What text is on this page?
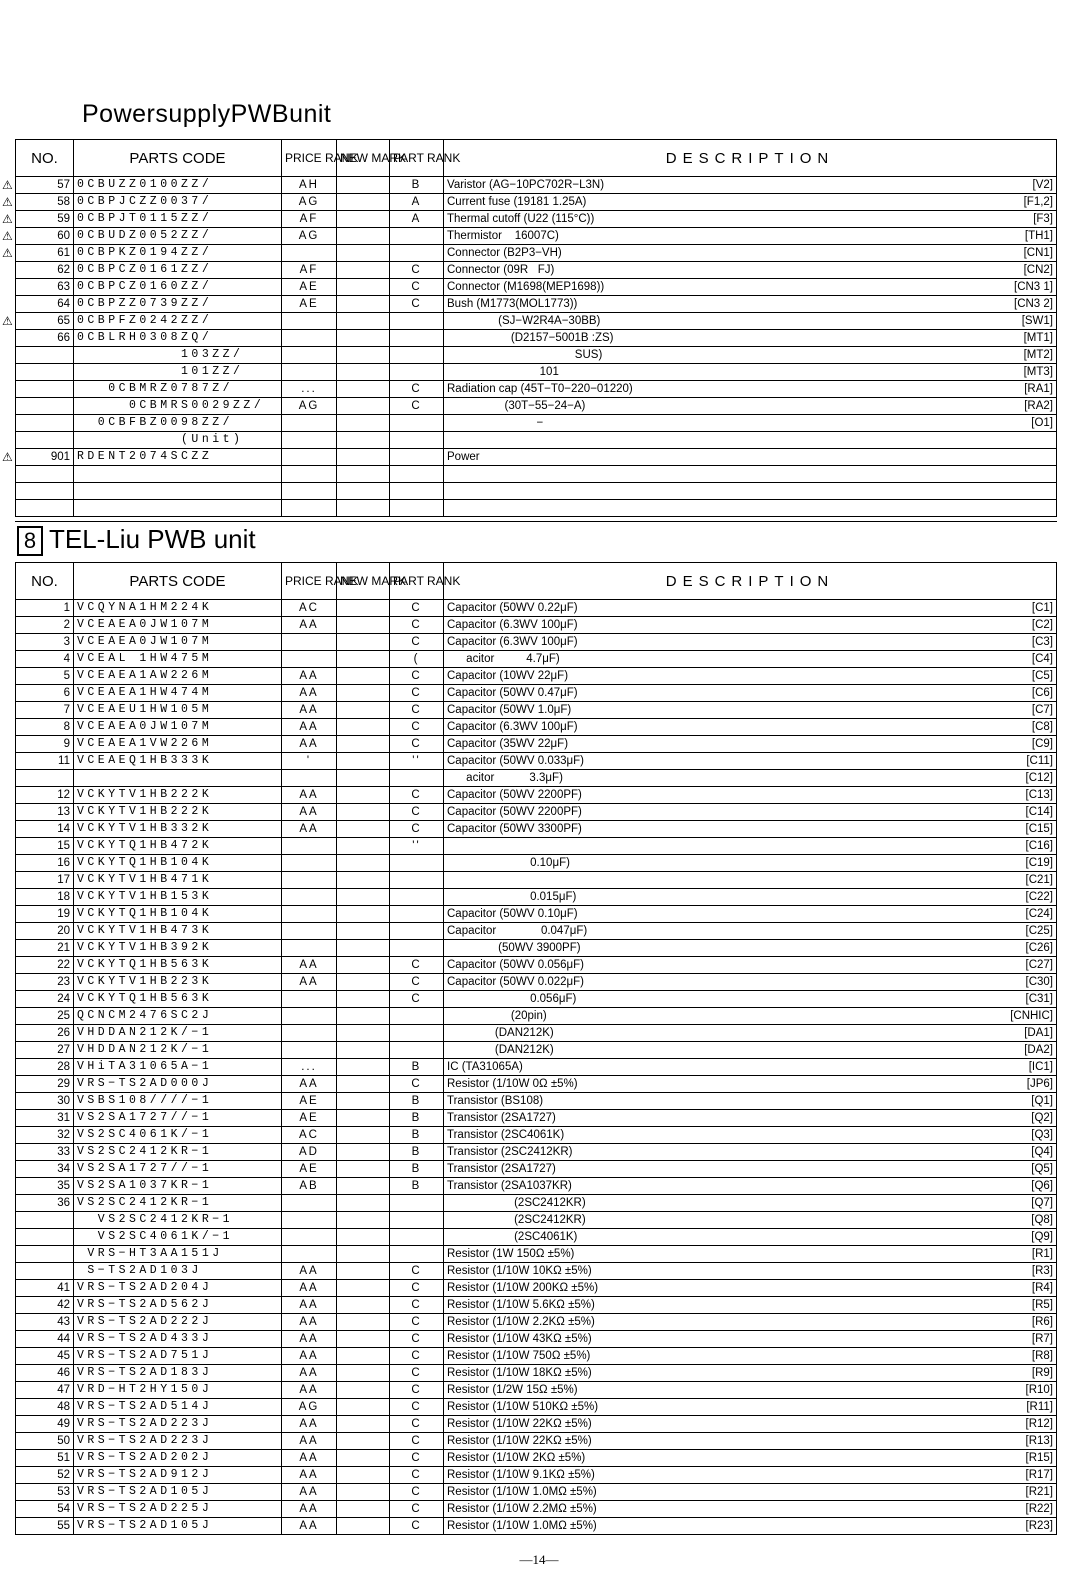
PowersupplyPWBunit
NO.	PARTS CODE	PRICE RANK	NEW MARK	PART RANK	DESCRIPTION
57	0CBUZZ0100ZZ/	AH		B	Varistor (AG−10PC702R−L3N) [V2]

58	0CBPJCZZ0037/	AG		A	Current fuse (19181 1.25A) [F1,2]

59	0CBPJT0115ZZ/	AF		A	Thermal cutoff (U22 (115°C)) [F3]

60	0CBUDZ0052ZZ/	AG			Thermistor    16007C) [TH1]

61	0CBPKZ0194ZZ/				Connector (B2P3−VH) [CN1]

62	0CBPCZ0161ZZ/	AF		C	Connector (09R   FJ) [CN2]

63	0CBPCZ0160ZZ/	AE		C	Connector (M1698(MEP1698)) [CN3 1]

64	0CBPZZ0739ZZ/	AE		C	Bush (M1773(MOL1773)) [CN3 2]

65	0CBPFZ0242ZZ/				(SJ−W2R4A−30BB) [SW1]

66	0CBLRH0308ZQ/				(D2157−5001B :ZS) [MT1]

	103ZZ/				SUS) [MT2]

	101ZZ/				101 [MT3]

	0CBMRZ0787Z/	...		C	Radiation cap (45T−T0−220−01220) [RA1]

	0CBMRS0029ZZ/	AG		C	(30T−55−24−A) [RA2]

	0CBFBZ0098ZZ/				− [O1]

	(Unit)				

901	RDENT2074SCZZ				Power

8 TEL-Liu PWB unit
NO.	PARTS CODE	PRICE RANK	NEW MARK	PART RANK	DESCRIPTION
1	VCQYNA1HM224K	AC		C	Capacitor (50WV 0.22μF) [C1]

2	VCEAEA0JW107M	AA		C	Capacitor (6.3WV 100μF) [C2]

3	VCEAEA0JW107M			C	Capacitor (6.3WV 100μF) [C3]

4	VCEAL 1HW475M			(	acitor          4.7μF) [C4]

5	VCEAEA1AW226M	AA		C	Capacitor (10WV 22μF) [C5]

6	VCEAEA1HW474M	AA		C	Capacitor (50WV 0.47μF) [C6]

7	VCEAEU1HW105M	AA		C	Capacitor (50WV 1.0μF) [C7]

8	VCEAEA0JW107M	AA		C	Capacitor (6.3WV 100μF) [C8]

9	VCEAEA1VW226M	AA		C	Capacitor (35WV 22μF) [C9]

11	VCEAEQ1HB333K	'		''	Capacitor (50WV 0.033μF) [C11]

					acitor           3.3μF) [C12]

12	VCKYTV1HB222K	AA		C	Capacitor (50WV 2200PF) [C13]

13	VCKYTV1HB222K	AA		C	Capacitor (50WV 2200PF) [C14]

14	VCKYTV1HB332K	AA		C	Capacitor (50WV 3300PF) [C15]

15	VCKYTQ1HB472K			''	[C16]

16	VCKYTQ1HB104K				0.10μF) [C19]

17	VCKYTV1HB471K				[C21]

18	VCKYTV1HB153K				0.015μF) [C22]

19	VCKYTQ1HB104K				Capacitor (50WV 0.10μF) [C24]

20	VCKYTV1HB473K				Capacitor              0.047μF) [C25]

21	VCKYTV1HB392K				(50WV 3900PF) [C26]

22	VCKYTQ1HB563K	AA		C	Capacitor (50WV 0.056μF) [C27]

23	VCKYTV1HB223K	AA		C	Capacitor (50WV 0.022μF) [C30]

24	VCKYTQ1HB563K			C	0.056μF) [C31]

25	QCNCM2476SC2J				(20pin) [CNHIC]

26	VHDDAN212K/−1				(DAN212K) [DA1]

27	VHDDAN212K/−1				(DAN212K) [DA2]

28	VHiTA31065A−1	...		B	IC (TA31065A) [IC1]

29	VRS−TS2AD000J	AA		C	Resistor (1/10W 0Ω ±5%) [JP6]

30	VSBS108////−1	AE		B	Transistor (BS108) [Q1]

31	VS2SA1727//−1	AE		B	Transistor (2SA1727) [Q2]

32	VS2SC4061K/−1	AC		B	Transistor (2SC4061K) [Q3]

33	VS2SC2412KR−1	AD		B	Transistor (2SC2412KR) [Q4]

34	VS2SA1727//−1	AE		B	Transistor (2SA1727) [Q5]

35	VS2SA1037KR−1	AB		B	Transistor (2SA1037KR) [Q6]

36	VS2SC2412KR−1				(2SC2412KR) [Q7]

	VS2SC2412KR−1				(2SC2412KR) [Q8]

	VS2SC4061K/−1				(2SC4061K) [Q9]

	VRS−HT3AA151J				Resistor (1W 150Ω ±5%) [R1]

	S−TS2AD103J	AA		C	Resistor (1/10W 10KΩ ±5%) [R3]

41	VRS−TS2AD204J	AA		C	Resistor (1/10W 200KΩ ±5%) [R4]

42	VRS−TS2AD562J	AA		C	Resistor (1/10W 5.6KΩ ±5%) [R5]

43	VRS−TS2AD222J	AA		C	Resistor (1/10W 2.2KΩ ±5%) [R6]

44	VRS−TS2AD433J	AA		C	Resistor (1/10W 43KΩ ±5%) [R7]

45	VRS−TS2AD751J	AA		C	Resistor (1/10W 750Ω ±5%) [R8]

46	VRS−TS2AD183J	AA		C	Resistor (1/10W 18KΩ ±5%) [R9]

47	VRD−HT2HY150J	AA		C	Resistor (1/2W 15Ω ±5%) [R10]

48	VRS−TS2AD514J	AG		C	Resistor (1/10W 510KΩ ±5%) [R11]

49	VRS−TS2AD223J	AA		C	Resistor (1/10W 22KΩ ±5%) [R12]

50	VRS−TS2AD223J	AA		C	Resistor (1/10W 22KΩ ±5%) [R13]

51	VRS−TS2AD202J	AA		C	Resistor (1/10W 2KΩ ±5%) [R15]

52	VRS−TS2AD912J	AA		C	Resistor (1/10W 9.1KΩ ±5%) [R17]

53	VRS−TS2AD105J	AA		C	Resistor (1/10W 1.0MΩ ±5%) [R21]

54	VRS−TS2AD225J	AA		C	Resistor (1/10W 2.2MΩ ±5%) [R22]

55	VRS−TS2AD105J	AA		C	Resistor (1/10W 1.0MΩ ±5%) [R23]
⚠
⚠
⚠
⚠
⚠
⚠
⚠
—14—
